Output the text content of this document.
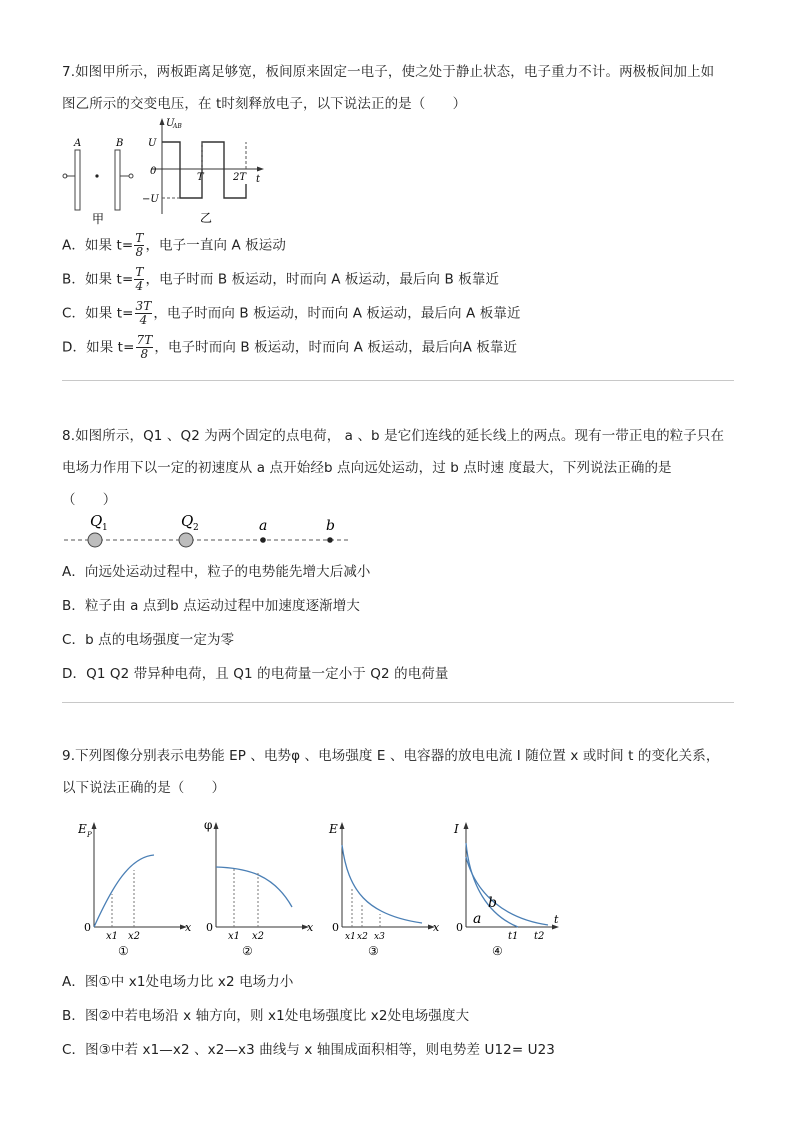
7.如图甲所示，两板距离足够宽，板间原来固定一电子，使之处于静止状态，电子重力不计。两极板间加上如
图乙所示的交变电压，在 t时刻释放电子，以下说法正的是（　　）
A	B
甲
U
AB
U
0
−U
T	2T t
乙
A．如果 $t= \frac{T}{8}$ ，电子一直向 A 板运动
B．如果 $t= \frac{T}{4}$ ，电子时而 B 板运动，时而向 A 板运动，最后向 B 板靠近
C．如果 $t= \frac{3T}{4}$ ，电子时而向 B 板运动，时而向 A 板运动，最后向 A 板靠近
D．如果 $t= \frac{7T}{8}$ ，电子时而向 B 板运动，时而向 A 板运动，最后向A 板靠近
8.如图所示，Q1 、Q2 为两个固定的点电荷， a 、b 是它们连线的延长线上的两点。现有一带正电的粒子只在
电场力作用下以一定的初速度从 a 点开始经b 点向远处运动，过 b 点时速 度最大，下列说法正确的是
（　　）
Q 1	Q 2	a	b
A．向远处运动过程中，粒子的电势能先增大后减小
B．粒子由 a 点到b 点运动过程中加速度逐渐增大
C．b 点的电场强度一定为零
D．Q1 Q2 带异种电荷，且 Q1 的电荷量一定小于 Q2 的电荷量
9.下列图像分别表示电势能 EP 、电势φ 、电场强度 E 、电容器的放电电流 I 随位置 x 或时间 t 的变化关系，
以下说法正确的是（　　）
E P
0	x
x1 x2
①
φ
0	x
x1 x2
②
E
0	x
x1 x2 x3
③
I
0
t
b
a
t1 t2
④
A．图①中 x1处电场力比 x2 电场力小
B．图②中若电场沿 x 轴方向，则 x1处电场强度比 x2处电场强度大
C．图③中若 x1—x2 、x2—x3 曲线与 x 轴围成面积相等，则电势差 U12= U23
